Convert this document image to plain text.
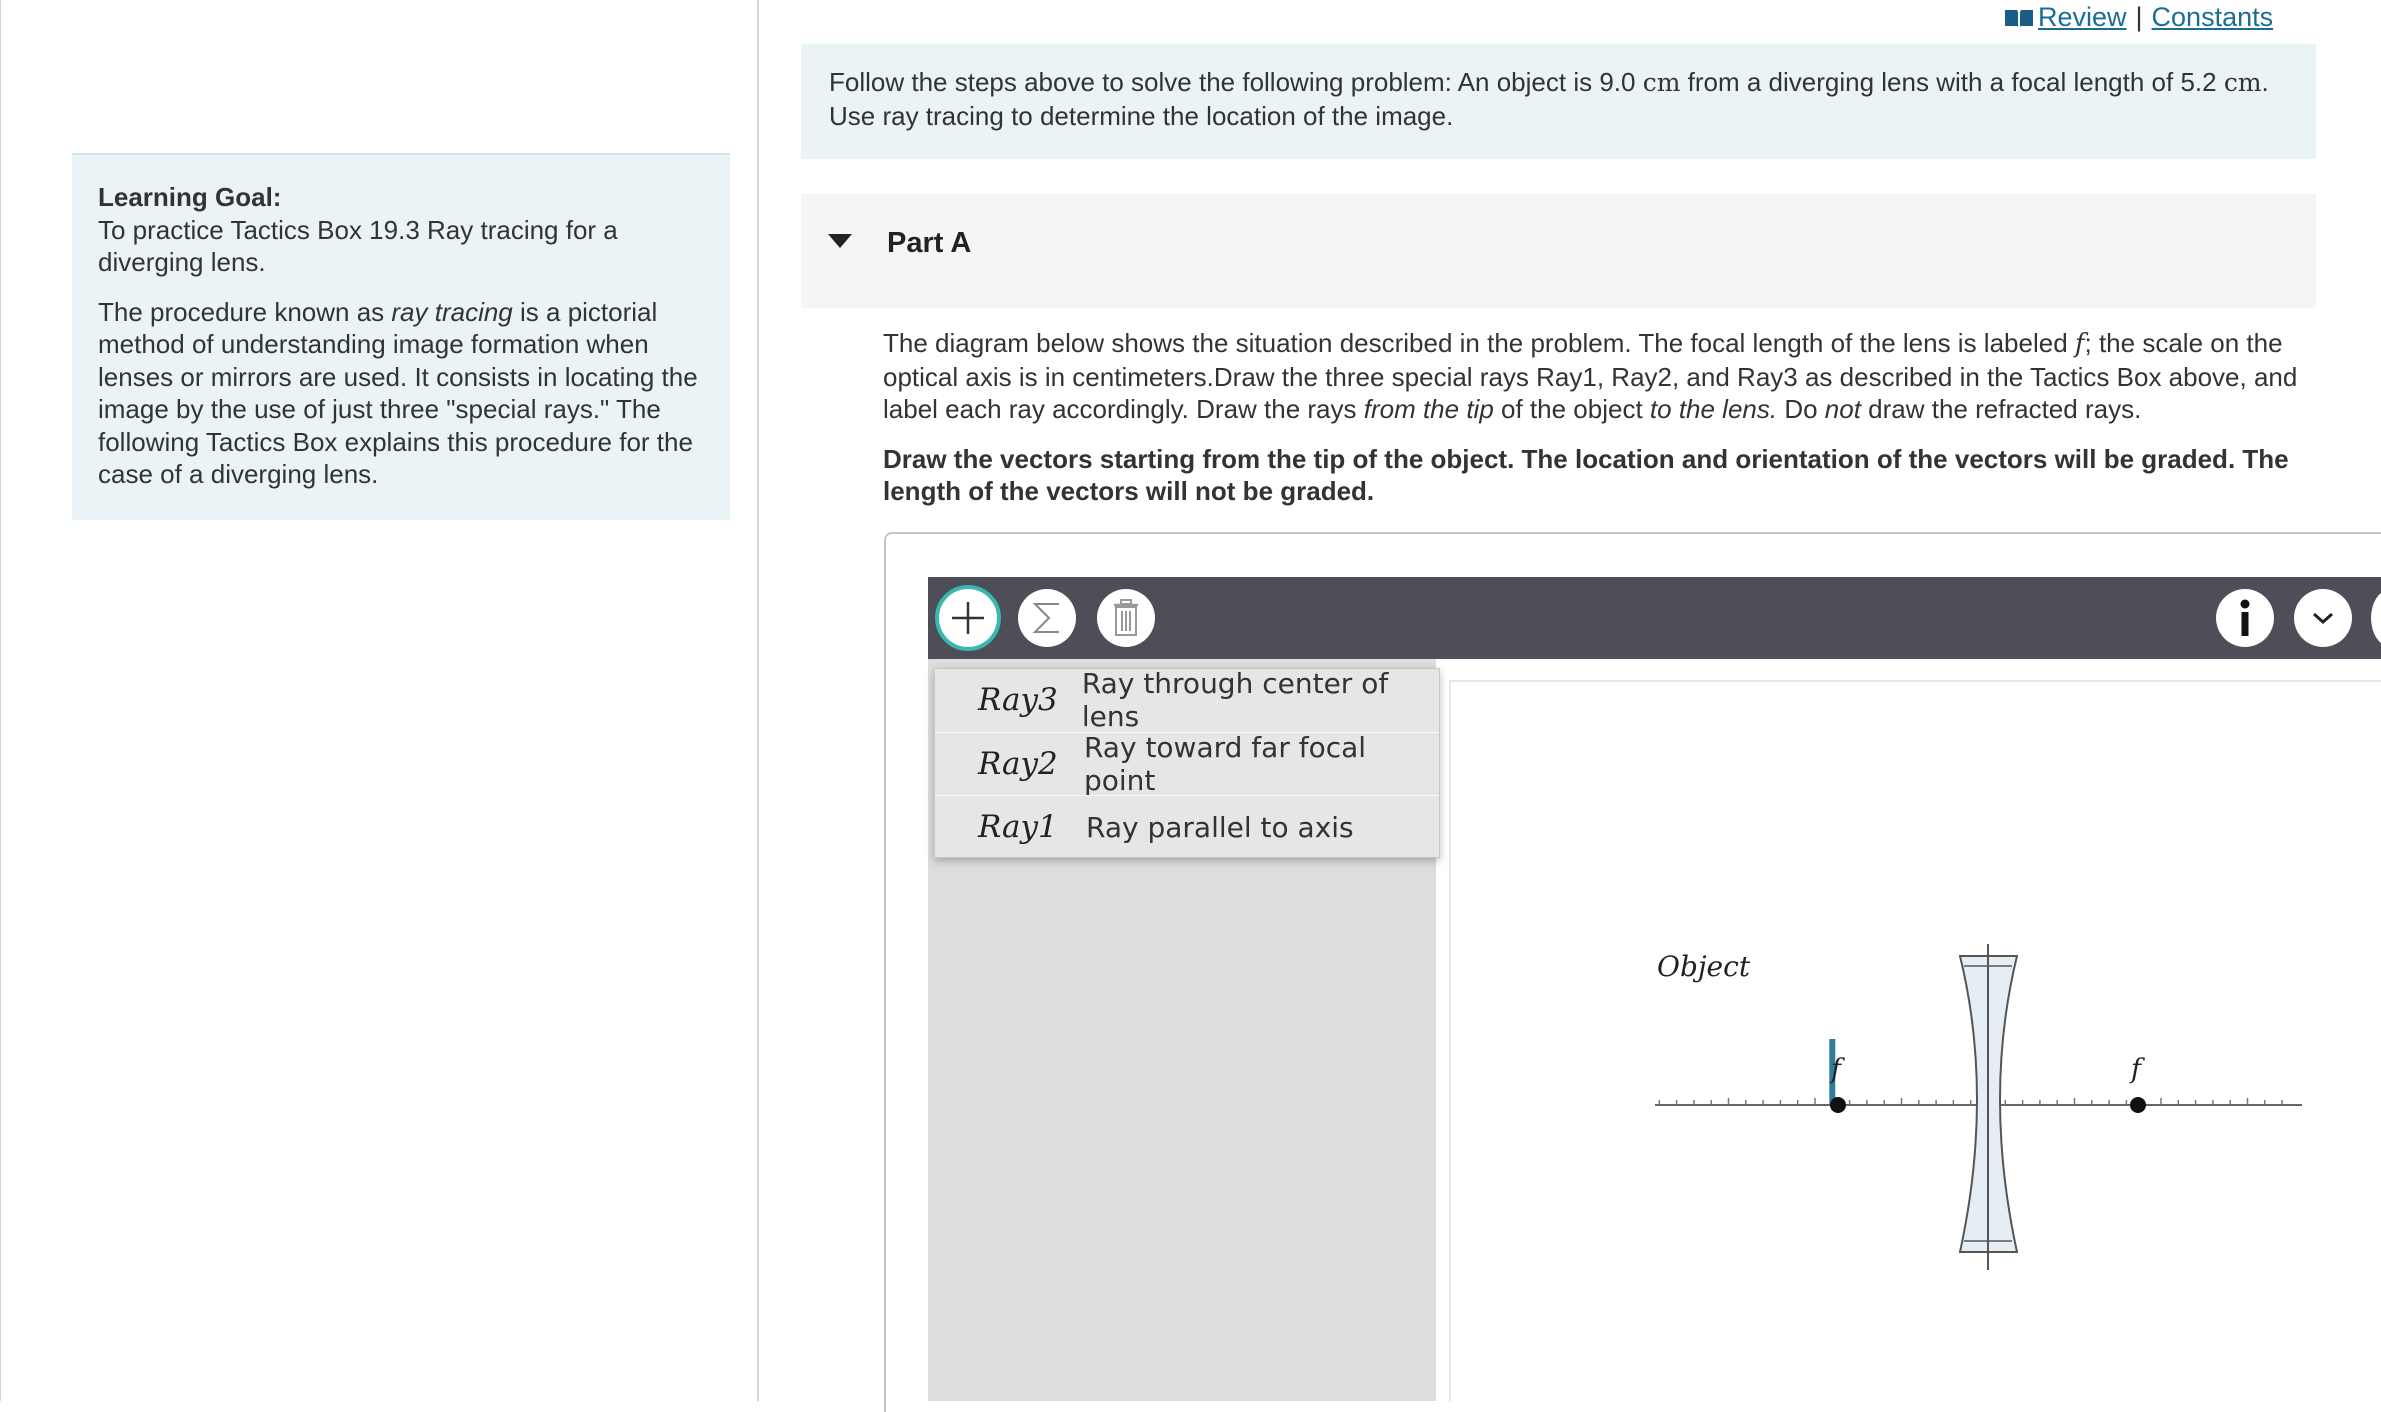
Learning Goal:
To practice Tactics Box 19.3 Ray tracing for a diverging lens.

The procedure known as ray tracing is a pictorial method of understanding image formation when lenses or mirrors are used. It consists in locating the image by the use of just three "special rays." The following Tactics Box explains this procedure for the case of a diverging lens.

Review | Constants
Follow the steps above to solve the following problem: An object is 9.0 cm from a diverging lens with a focal length of 5.2 cm. Use ray tracing to determine the location of the image.
Part A

The diagram below shows the situation described in the problem. The focal length of the lens is labeled f; the scale on the optical axis is in centimeters.Draw the three special rays Ray1, Ray2, and Ray3 as described in the Tactics Box above, and label each ray accordingly. Draw the rays from the tip of the object to the lens. Do not draw the refracted rays.

Draw the vectors starting from the tip of the object. The location and orientation of the vectors will be graded. The length of the vectors will not be graded.

Ray3 Ray through center of lens
Ray2 Ray toward far focal point
Ray1	Ray parallel to axis
Object
f	f
